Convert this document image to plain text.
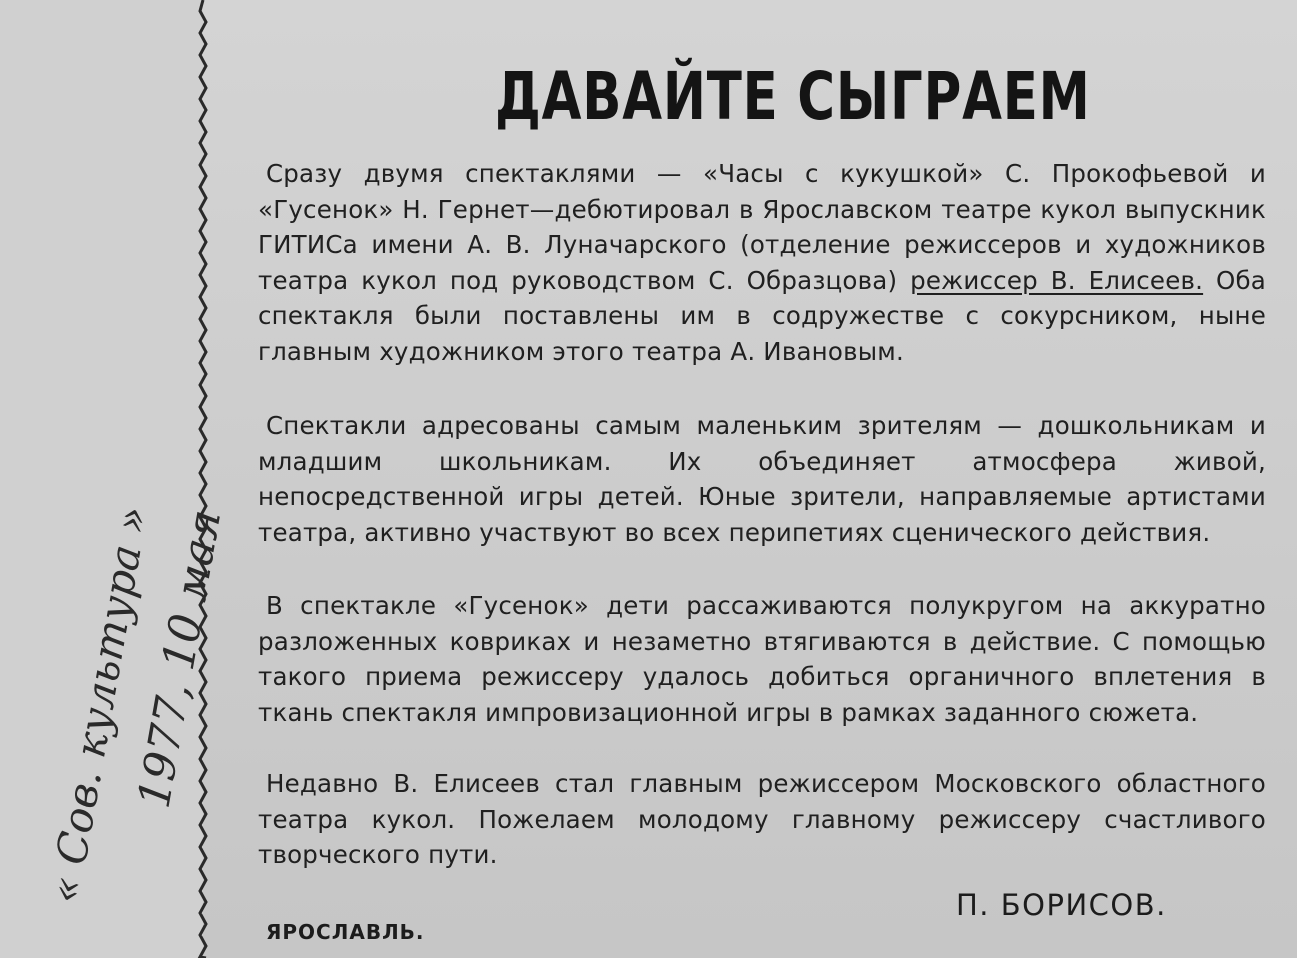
« Сов. культура »
1977, 10 мая
ДАВАЙТЕ СЫГРАЕМ
Сразу двумя спектаклями — «Часы с кукушкой» С. Прокофьевой и «Гусенок» Н. Гернет—дебютировал в Ярославском театре кукол выпускник ГИТИСа имени А. В. Луначарского (отделение режиссеров и художников театра кукол под руководством С. Образцова) режиссер В. Елисеев. Оба спектакля были поставлены им в содружестве с сокурсником, ныне главным художником этого театра А. Ивановым.
Спектакли адресованы самым маленьким зрителям — дошкольникам и младшим школьникам. Их объединяет атмосфера живой, непосредственной игры детей. Юные зрители, направляемые артистами театра, активно участвуют во всех перипетиях сценического действия.
В спектакле «Гусенок» дети рассаживаются полукругом на аккуратно разложенных ковриках и незаметно втягиваются в действие. С помощью такого приема режиссеру удалось добиться органичного вплетения в ткань спектакля импровизационной игры в рамках заданного сюжета.
Недавно В. Елисеев стал главным режиссером Московского областного театра кукол. Пожелаем молодому главному режиссеру счастливого творческого пути.
П. БОРИСОВ.
ЯРОСЛАВЛЬ.
